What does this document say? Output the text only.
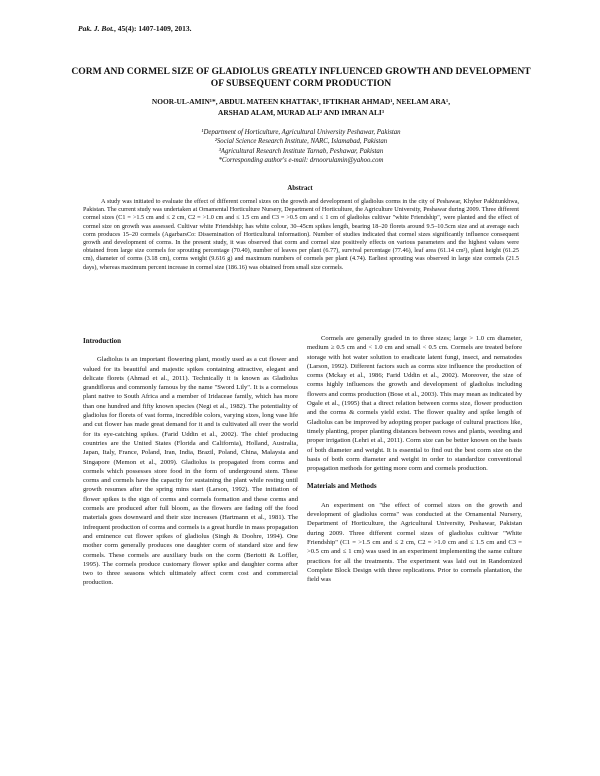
Pak. J. Bot., 45(4): 1407-1409, 2013.
CORM AND CORMEL SIZE OF GLADIOLUS GREATLY INFLUENCED GROWTH AND DEVELOPMENT OF SUBSEQUENT CORM PRODUCTION
NOOR-UL-AMIN¹*, ABDUL MATEEN KHATTAK¹, IFTIKHAR AHMAD¹, NEELAM ARA¹,
ARSHAD ALAM, MURAD ALI² AND IMRAN ALI³
¹Department of Horticulture, Agricultural University Peshawar, Pakistan
²Social Science Research Institute, NARC, Islamabad, Pakistan
³Agricultural Research Institute Tarnab, Peshawar, Pakistan
*Corresponding author's e-mail: drnoorulamin@yahoo.com
Abstract
A study was initiated to evaluate the effect of different cormel sizes on the growth and development of gladiolus corms in the city of Peshawar, Khyber Pakhtunkhwa, Pakistan. The current study was undertaken at Ornamental Horticulture Nursery, Department of Horticulture, the Agriculture University, Peshawar during 2009. Three different cormel sizes (C1 = >1.5 cm and ≤ 2 cm, C2 = >1.0 cm and ≤ 1.5 cm and C3 = >0.5 cm and ≤ 1 cm of gladiolus cultivar "white Friendship", were planted and the effect of cormel size on growth was assessed. Cultivar white Friendship; has white colour, 30–45cm spikes length, bearing 18–20 florets around 9.5–10.5cm size and at average each corm produces 15–20 cormels (AgarbarsCo: Dissemination of Horticultural information). Number of studies indicated that cormel sizes significantly influence consequent growth and development of corms. In the present study, it was observed that corm and cormel size positively effects on various parameters and the highest values were obtained from large size cormels for sprouting percentage (70.40), number of leaves per plant (6.77), survival percentage (77.46), leaf area (61.14 cm²), plant height (61.25 cm), diameter of corms (3.18 cm), corms weight (9.616 g) and maximum numbers of cormels per plant (4.74). Earliest sprouting was observed in large size cormels (21.5 days), whereas maximum percent increase in cormel size (186.16) was obtained from small size cormels.
Introduction
Gladiolus is an important flowering plant, mostly used as a cut flower and valued for its beautiful and majestic spikes containing attractive, elegant and delicate florets (Ahmad et al., 2011). Technically it is known as Gladiolus grandiflorus and commonly famous by the name "Sword Lily". It is a cormelous plant native to South Africa and a member of Iridaceae family, which has more than one hundred and fifty known species (Negi et al., 1982). The potentiality of gladiolus for florets of vast forms, incredible colors, varying sizes, long vase life and cut flower has made great demand for it and is cultivated all over the world for its eye-catching spikes. (Farid Uddin et al., 2002). The chief producing countries are the United States (Florida and California), Holland, Australia, Japan, Italy, France, Poland, Iran, India, Brazil, Poland, China, Malaysia and Singapore (Memon et al., 2009). Gladiolus is propagated from corms and cormels which possesses store food in the form of underground stem. These corms and cormels have the capacity for sustaining the plant while resting until growth resumes after the spring mins start (Larson, 1992). The initiation of flower spikes is the sign of corms and cormels formation and these corms and cormels are produced after full bloom, as the flowers are fading off the food materials goes downward and their size increases (Hartmann et al., 1981). The infrequent production of corms and cormels is a great hurdle in mass propagation and eminence cut flower spikes of gladiolus (Singh & Doohre, 1994). One mother corm generally produces one daughter corm of standard size and few cormels. These cormels are auxiliary buds on the corm (Bertotti & Loffler, 1995). The cormels produce customary flower spike and daughter corms after two to three seasons which ultimately affect corm cost and commercial production.
Cormels are generally graded in to three sizes; large > 1.0 cm diameter, medium ≥ 0.5 cm and < 1.0 cm and small < 0.5 cm. Cormels are treated before storage with hot water solution to eradicate latent fungi, insect, and nematodes (Larson, 1992). Different factors such as corms size influence the production of corms (Mckay et al., 1986; Farid Uddin et al., 2002). Moreover, the size of corms highly influences the growth and development of gladiolus including flowers and corms production (Bose et al., 2003). This may mean as indicated by Ogale et al., (1995) that a direct relation between corms size, flower production and the corms & cormels yield exist. The flower quality and spike length of Gladiolus can be improved by adopting proper package of cultural practices like, timely planting, proper planting distances between rows and plants, weeding and proper irrigation (Lehri et al., 2011). Corm size can be better known on the basis of both diameter and weight. It is essential to find out the best corm size on the basis of both corm diameter and weight in order to standardize conventional propagation methods for getting more corm and cormels production.
Materials and Methods
An experiment on "the effect of cormel sizes on the growth and development of gladiolus corms" was conducted at the Ornamental Nursery, Department of Horticulture, the Agricultural University, Peshawar, Pakistan during 2009. Three different cormel sizes of gladiolus cultivar "White Friendship" (C1 = >1.5 cm and ≤ 2 cm, C2 = >1.0 cm and ≤ 1.5 cm and C3 = >0.5 cm and ≤ 1 cm) was used in an experiment implementing the same culture practices for all the treatments. The experiment was laid out in Randomized Complete Block Design with three replications. Prior to cormels plantation, the field was
